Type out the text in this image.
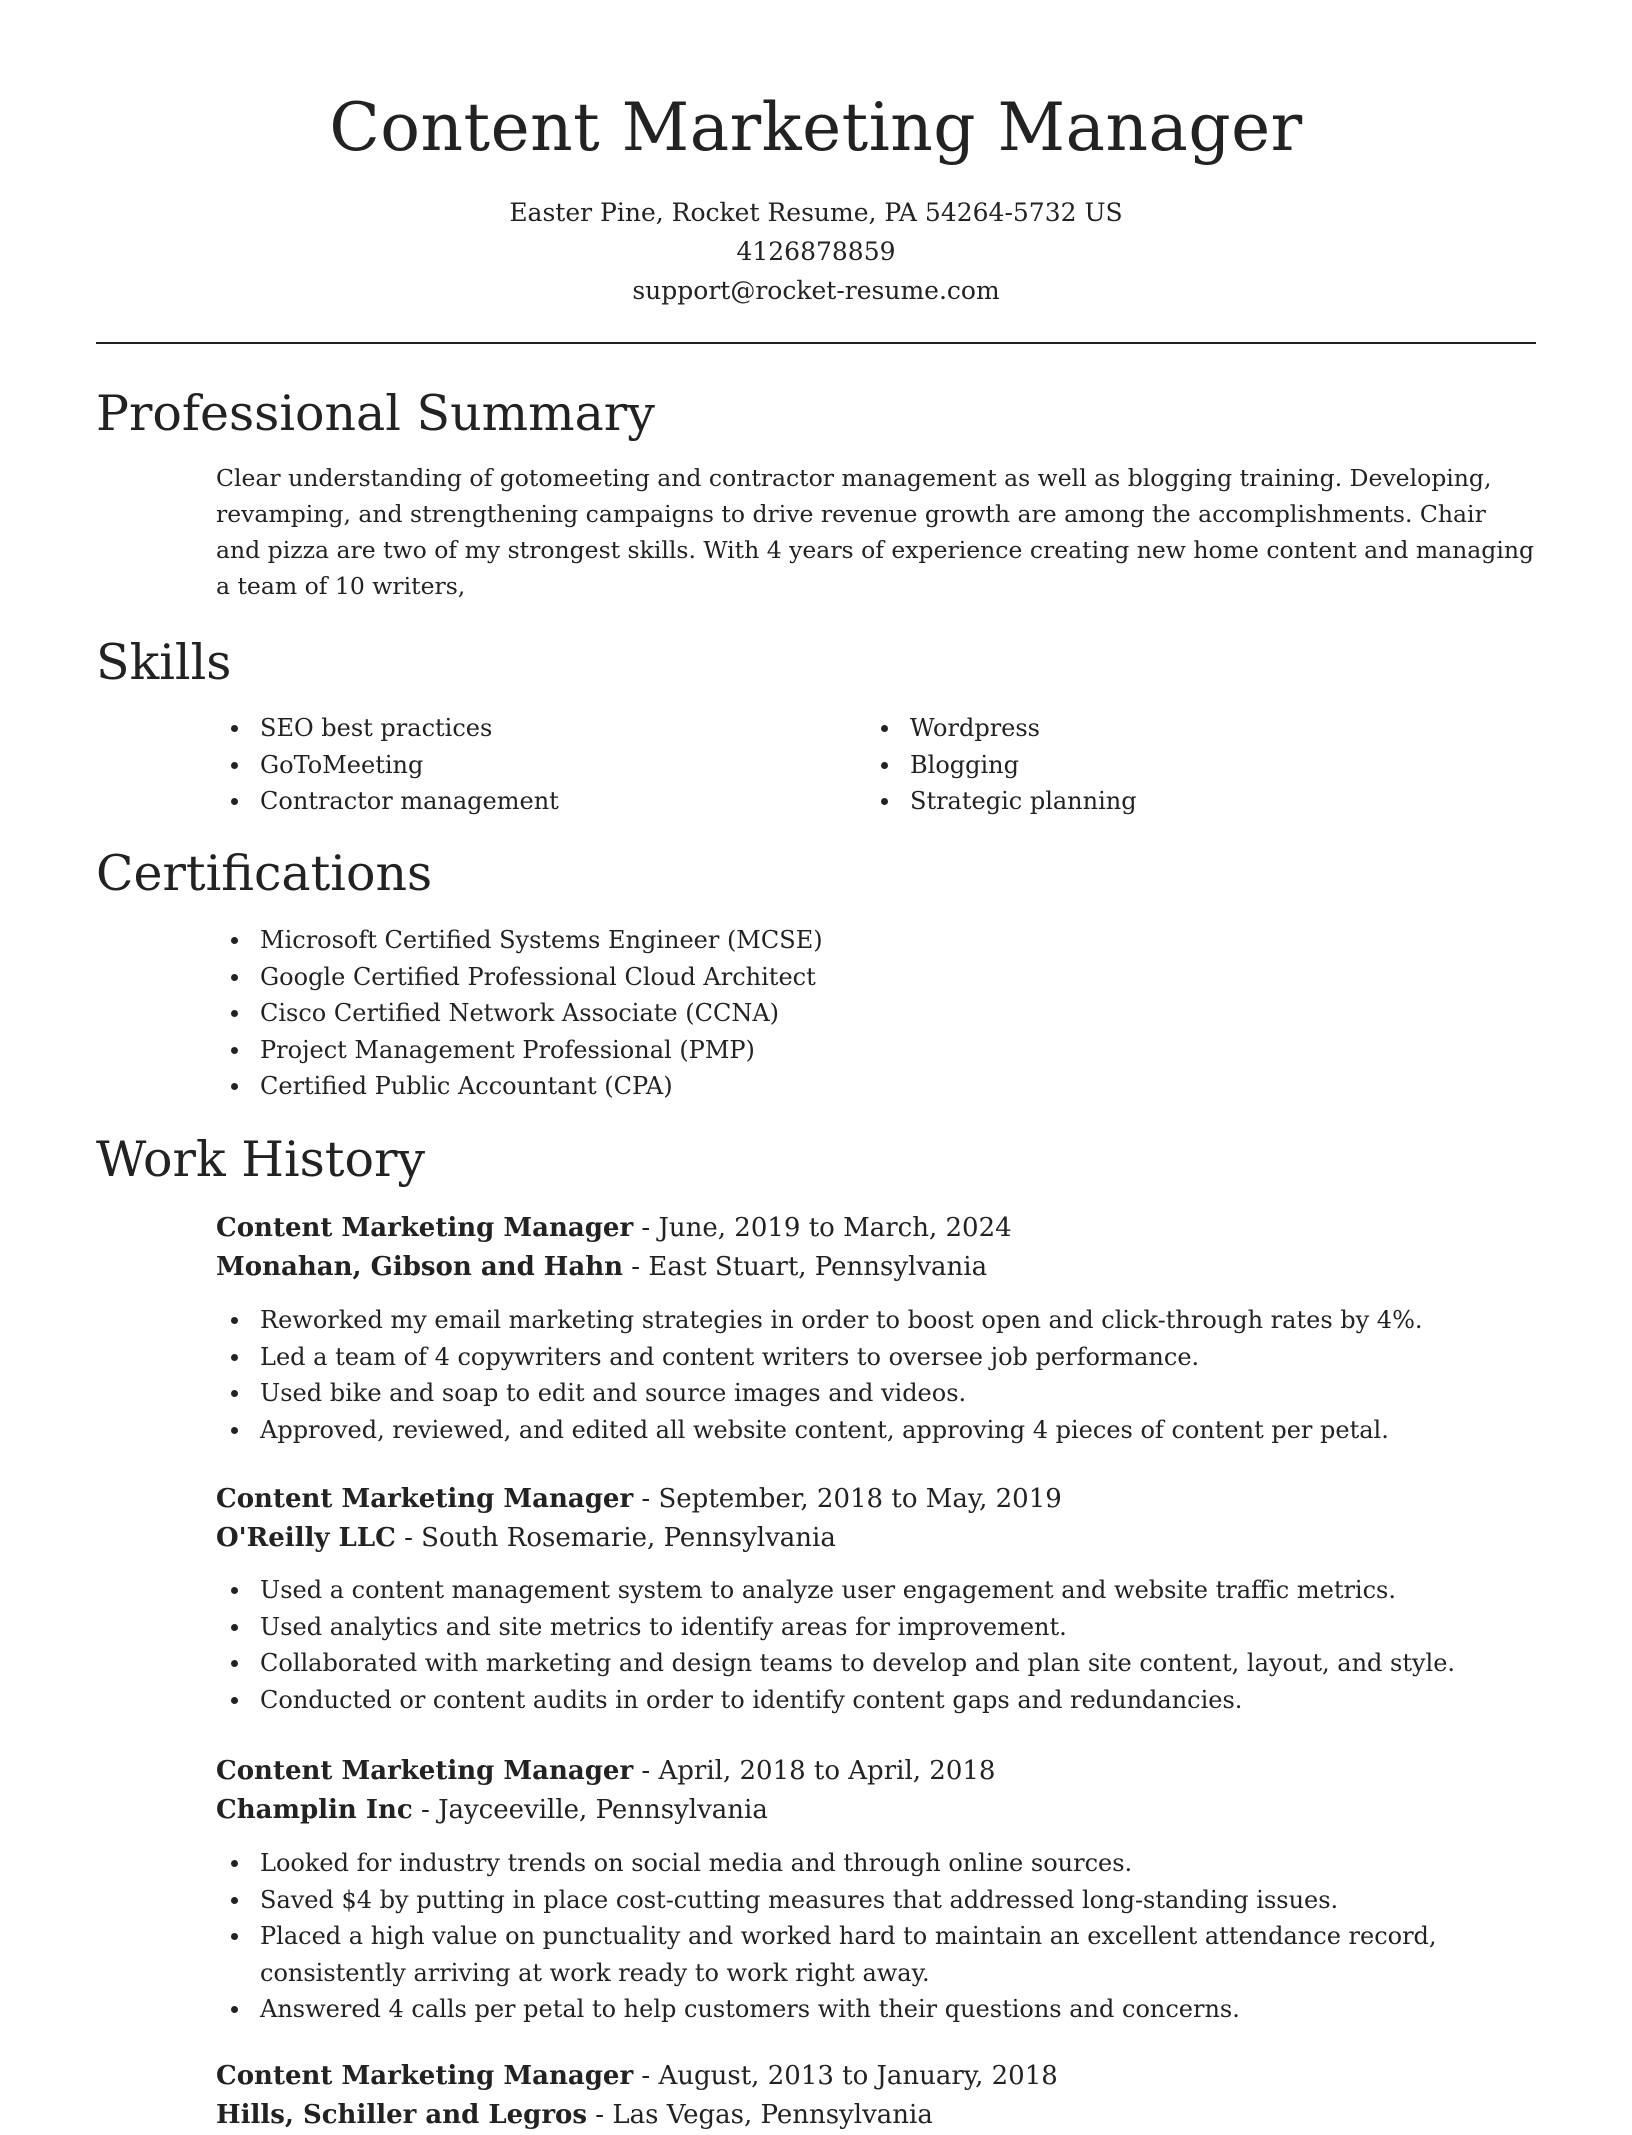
Content Marketing Manager
Easter Pine, Rocket Resume, PA 54264-5732 US
4126878859
support@rocket-resume.com
Professional Summary

Clear understanding of gotomeeting and contractor management as well as blogging training. Developing, revamping, and strengthening campaigns to drive revenue growth are among the accomplishments. Chair and pizza are two of my strongest skills. With 4 years of experience creating new home content and managing a team of 10 writers,

Skills
SEO best practices
GoToMeeting
Contractor management
Wordpress
Blogging
Strategic planning
Certifications
Microsoft Certified Systems Engineer (MCSE)
Google Certified Professional Cloud Architect
Cisco Certified Network Associate (CCNA)
Project Management Professional (PMP)
Certified Public Accountant (CPA)
Work History
Content Marketing Manager - June, 2019 to March, 2024
Monahan, Gibson and Hahn - East Stuart, Pennsylvania
Reworked my email marketing strategies in order to boost open and click-through rates by 4%.
Led a team of 4 copywriters and content writers to oversee job performance.
Used bike and soap to edit and source images and videos.
Approved, reviewed, and edited all website content, approving 4 pieces of content per petal.
Content Marketing Manager - September, 2018 to May, 2019
O'Reilly LLC - South Rosemarie, Pennsylvania
Used a content management system to analyze user engagement and website traffic metrics.
Used analytics and site metrics to identify areas for improvement.
Collaborated with marketing and design teams to develop and plan site content, layout, and style.
Conducted or content audits in order to identify content gaps and redundancies.
Content Marketing Manager - April, 2018 to April, 2018
Champlin Inc - Jayceeville, Pennsylvania
Looked for industry trends on social media and through online sources.
Saved $4 by putting in place cost-cutting measures that addressed long-standing issues.
Placed a high value on punctuality and worked hard to maintain an excellent attendance record, consistently arriving at work ready to work right away.
Answered 4 calls per petal to help customers with their questions and concerns.
Content Marketing Manager - August, 2013 to January, 2018
Hills, Schiller and Legros - Las Vegas, Pennsylvania
